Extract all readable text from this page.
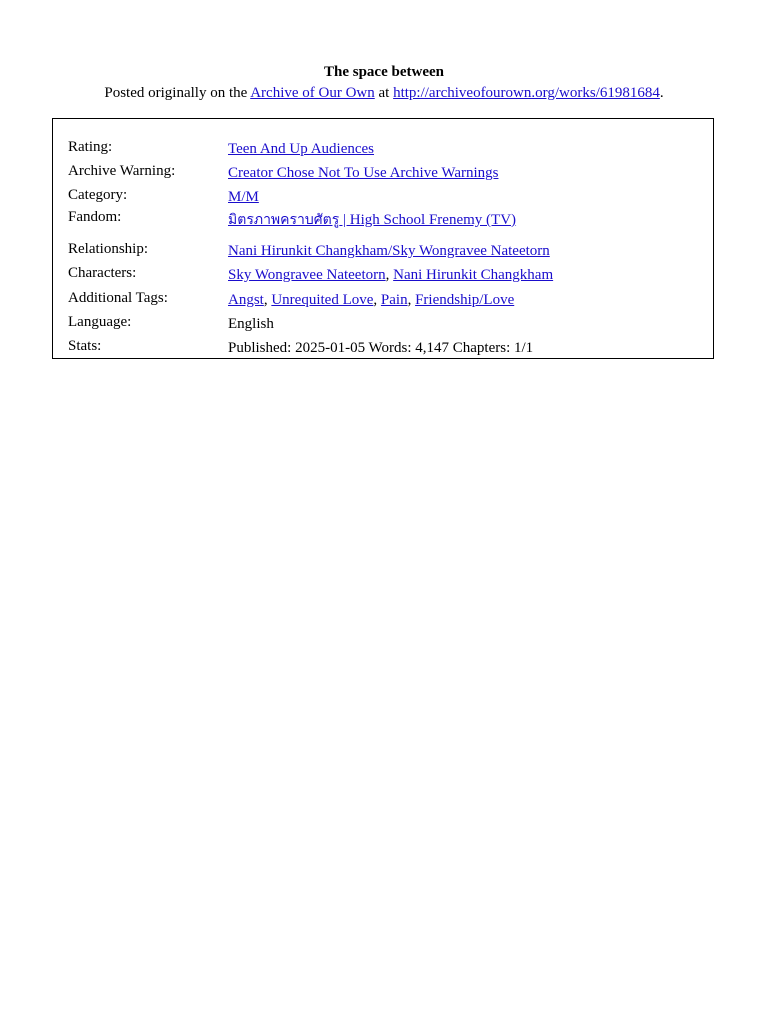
The space between
Posted originally on the Archive of Our Own at http://archiveofourown.org/works/61981684.
Rating:	Teen And Up Audiences
Archive Warning:	Creator Chose Not To Use Archive Warnings
Category:	M/M
Fandom:	มิตรภาพคราบศัตรู | High School Frenemy (TV)
Relationship:	Nani Hirunkit Changkham/Sky Wongravee Nateetorn
Characters:	Sky Wongravee Nateetorn, Nani Hirunkit Changkham
Additional Tags:	Angst, Unrequited Love, Pain, Friendship/Love
Language:	English
Stats:	Published: 2025-01-05 Words: 4,147 Chapters: 1/1
